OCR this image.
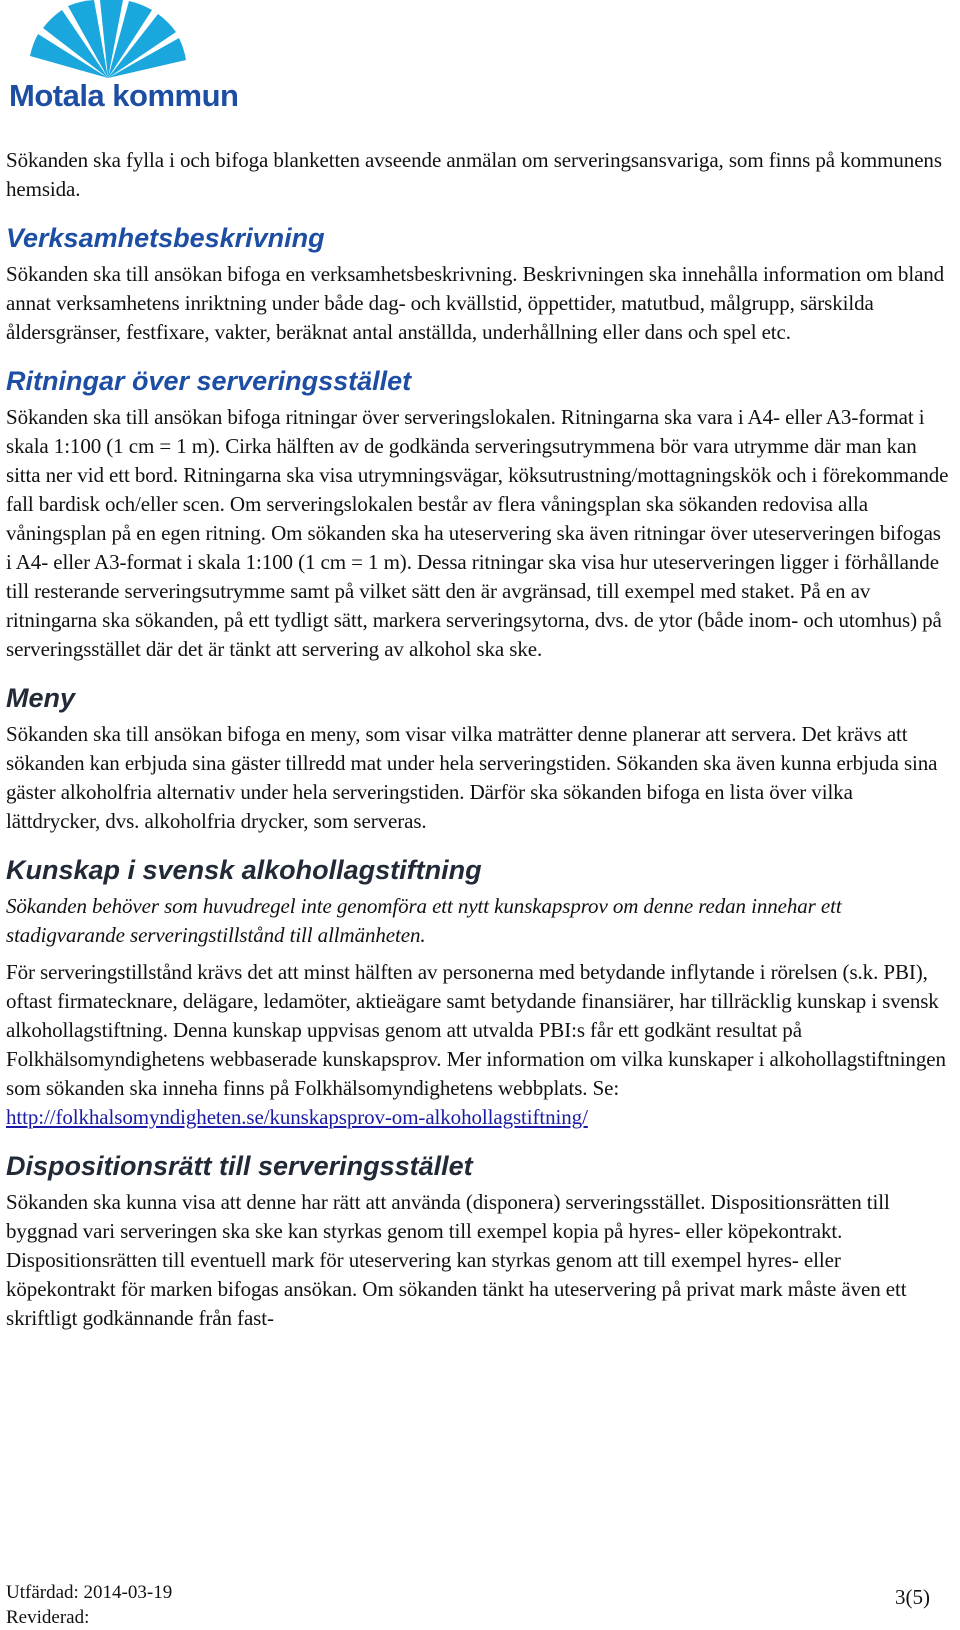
Motala kommun

Sökanden ska fylla i och bifoga blanketten avseende anmälan om serveringsansvariga, som finns på kommunens hemsida.

Verksamhetsbeskrivning

Sökanden ska till ansökan bifoga en verksamhetsbeskrivning. Beskrivningen ska innehålla information om bland annat verksamhetens inriktning under både dag- och kvällstid, öppettider, matutbud, målgrupp, särskilda åldersgränser, festfixare, vakter, beräknat antal anställda, underhållning eller dans och spel etc.

Ritningar över serveringsstället

Sökanden ska till ansökan bifoga ritningar över serveringslokalen. Ritningarna ska vara i A4- eller A3-format i skala 1:100 (1 cm = 1 m). Cirka hälften av de godkända serveringsutrymmena bör vara utrymme där man kan sitta ner vid ett bord. Ritningarna ska visa utrymningsvägar, köksutrustning/mottagningskök och i förekommande fall bardisk och/eller scen. Om serveringslokalen består av flera våningsplan ska sökanden redovisa alla våningsplan på en egen ritning. Om sökanden ska ha uteservering ska även ritningar över uteserveringen bifogas i A4- eller A3-format i skala 1:100 (1 cm = 1 m). Dessa ritningar ska visa hur uteserveringen ligger i förhållande till resterande serveringsutrymme samt på vilket sätt den är avgränsad, till exempel med staket. På en av ritningarna ska sökanden, på ett tydligt sätt, markera serveringsytorna, dvs. de ytor (både inom- och utomhus) på serveringsstället där det är tänkt att servering av alkohol ska ske.

Meny

Sökanden ska till ansökan bifoga en meny, som visar vilka maträtter denne planerar att servera. Det krävs att sökanden kan erbjuda sina gäster tillredd mat under hela serveringstiden. Sökanden ska även kunna erbjuda sina gäster alkoholfria alternativ under hela serveringstiden. Därför ska sökanden bifoga en lista över vilka lättdrycker, dvs. alkoholfria drycker, som serveras.

Kunskap i svensk alkohollagstiftning

Sökanden behöver som huvudregel inte genomföra ett nytt kunskapsprov om denne redan innehar ett stadigvarande serveringstillstånd till allmänheten.

För serveringstillstånd krävs det att minst hälften av personerna med betydande inflytande i rörelsen (s.k. PBI), oftast firmatecknare, delägare, ledamöter, aktieägare samt betydande finansiärer, har tillräcklig kunskap i svensk alkohollagstiftning. Denna kunskap uppvisas genom att utvalda PBI:s får ett godkänt resultat på Folkhälsomyndighetens webbaserade kunskapsprov. Mer information om vilka kunskaper i alkohollagstiftningen som sökanden ska inneha finns på Folkhälsomyndighetens webbplats. Se:
http://folkhalsomyndigheten.se/kunskapsprov-om-alkohollagstiftning/

Dispositionsrätt till serveringsstället

Sökanden ska kunna visa att denne har rätt att använda (disponera) serveringsstället. Dispositionsrätten till byggnad vari serveringen ska ske kan styrkas genom till exempel kopia på hyres- eller köpekontrakt. Dispositionsrätten till eventuell mark för uteservering kan styrkas genom att till exempel hyres- eller köpekontrakt för marken bifogas ansökan. Om sökanden tänkt ha uteservering på privat mark måste även ett skriftligt godkännande från fast-

Utfärdad: 2014-03-19
Reviderad:
3(5)
